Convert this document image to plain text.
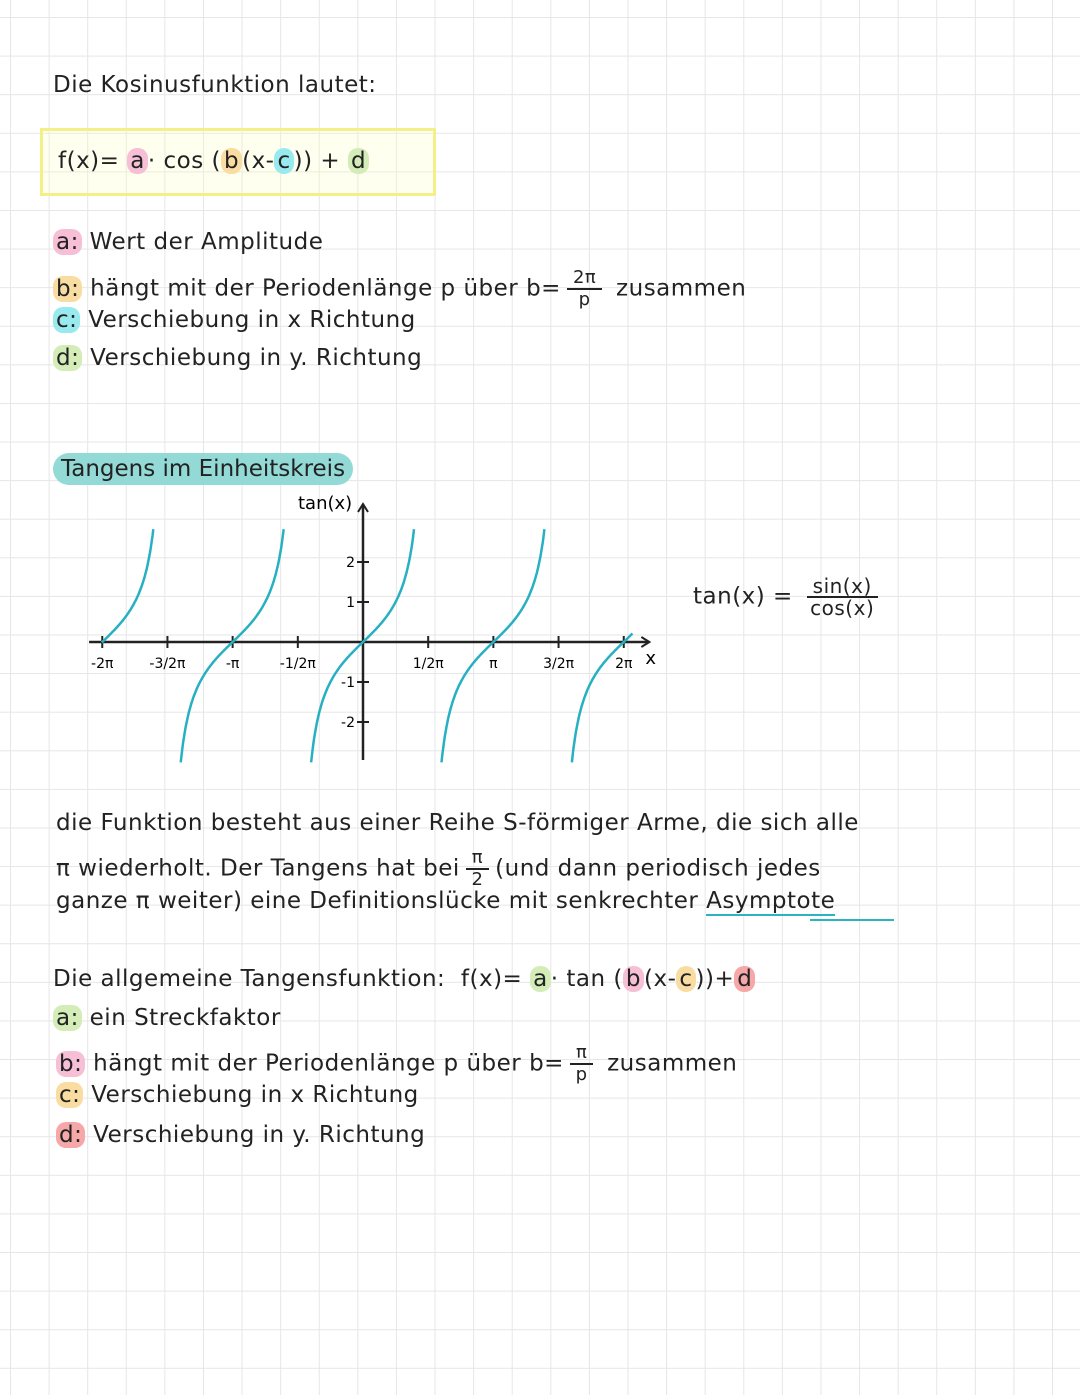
Die Kosinusfunktion lautet:
f(x)= a · cos ( b (x- c )) + d
a: Wert der Amplitude
b: hängt mit der Periodenlänge p über $b= \frac{2\pi}{p}$ zusammen
c: Verschiebung in x Richtung
d: Verschiebung in y. Richtung
Tangens im Einheitskreis
x
tan(x)
-2π	-3/2π	-π	-1/2π	1/2π	π	3/2π	2π
2
1
-1
-2
$\tan(x) = \frac{\sin(x)}{\cos(x)}$
die Funktion besteht aus einer Reihe S-förmiger Arme, die sich alle
π wiederholt. Der Tangens hat bei $\frac{\pi}{2} (und$ dann periodisch jedes
ganze π weiter) eine Definitionslücke mit senkrechter Asymptote
Die allgemeine Tangensfunktion: f(x)= a · tan ( b (x- c ))+ d
a: ein Streckfaktor
b: hängt mit der Periodenlänge p über $b= \frac{\pi}{p}$ zusammen
c: Verschiebung in x Richtung
d: Verschiebung in y. Richtung
